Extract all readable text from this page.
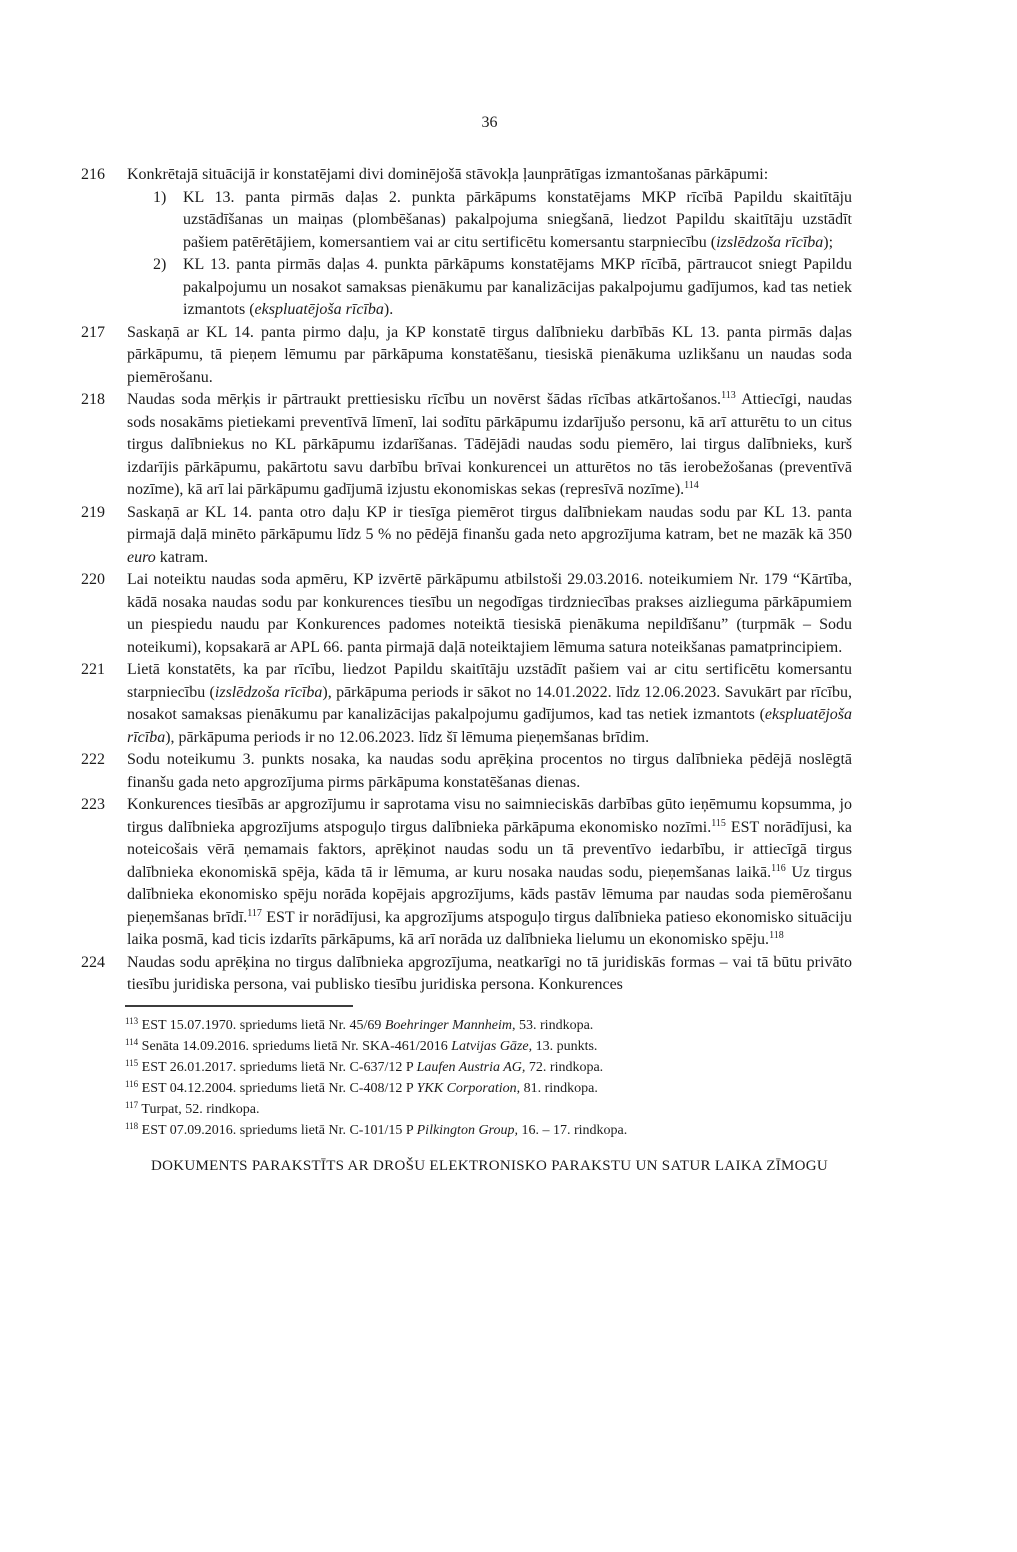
36
216	Konkrētajā situācijā ir konstatējami divi dominējošā stāvokļa ļaunprātīgas izmantošanas pārkāpumi:
1)	KL 13. panta pirmās daļas 2. punkta pārkāpums konstatējams MKP rīcībā Papildu skaitītāju uzstādīšanas un maiņas (plombēšanas) pakalpojuma sniegšanā, liedzot Papildu skaitītāju uzstādīt pašiem patērētājiem, komersantiem vai ar citu sertificētu komersantu starpniecību (izslēdzoša rīcība);
2)	KL 13. panta pirmās daļas 4. punkta pārkāpums konstatējams MKP rīcībā, pārtraucot sniegt Papildu pakalpojumu un nosakot samaksas pienākumu par kanalizācijas pakalpojumu gadījumos, kad tas netiek izmantots (ekspluatējoša rīcība).
217	Saskaņā ar KL 14. panta pirmo daļu, ja KP konstatē tirgus dalībnieku darbībās KL 13. panta pirmās daļas pārkāpumu, tā pieņem lēmumu par pārkāpuma konstatēšanu, tiesiskā pienākuma uzlikšanu un naudas soda piemērošanu.
218	Naudas soda mērķis ir pārtraukt prettiesisku rīcību un novērst šādas rīcības atkārtošanos.$^{113}$ Attiecīgi, naudas sods nosakāms pietiekami preventīvā līmenī, lai sodītu pārkāpumu izdarījušo personu, kā arī atturētu to un citus tirgus dalībniekus no KL pārkāpumu izdarīšanas. Tādējādi naudas sodu piemēro, lai tirgus dalībnieks, kurš izdarījis pārkāpumu, pakārtotu savu darbību brīvai konkurencei un atturētos no tās ierobežošanas (preventīvā nozīme), kā arī lai pārkāpumu gadījumā izjustu ekonomiskas sekas (represīvā nozīme).$^{114}$
219	Saskaņā ar KL 14. panta otro daļu KP ir tiesīga piemērot tirgus dalībniekam naudas sodu par KL 13. panta pirmajā daļā minēto pārkāpumu līdz 5 % no pēdējā finanšu gada neto apgrozījuma katram, bet ne mazāk kā 350 euro katram.
220	Lai noteiktu naudas soda apmēru, KP izvērtē pārkāpumu atbilstoši 29.03.2016. noteikumiem Nr. 179 “Kārtība, kādā nosaka naudas sodu par konkurences tiesību un negodīgas tirdzniecības prakses aizlieguma pārkāpumiem un piespiedu naudu par Konkurences padomes noteiktā tiesiskā pienākuma nepildīšanu” (turpmāk – Sodu noteikumi), kopsakarā ar APL 66. panta pirmajā daļā noteiktajiem lēmuma satura noteikšanas pamatprincipiem.
221	Lietā konstatēts, ka par rīcību, liedzot Papildu skaitītāju uzstādīt pašiem vai ar citu sertificētu komersantu starpniecību (izslēdzoša rīcība), pārkāpuma periods ir sākot no 14.01.2022. līdz 12.06.2023. Savukārt par rīcību, nosakot samaksas pienākumu par kanalizācijas pakalpojumu gadījumos, kad tas netiek izmantots (ekspluatējoša rīcība), pārkāpuma periods ir no 12.06.2023. līdz šī lēmuma pieņemšanas brīdim.
222	Sodu noteikumu 3. punkts nosaka, ka naudas sodu aprēķina procentos no tirgus dalībnieka pēdējā noslēgtā finanšu gada neto apgrozījuma pirms pārkāpuma konstatēšanas dienas.
223	Konkurences tiesībās ar apgrozījumu ir saprotama visu no saimnieciskās darbības gūto ieņēmumu kopsumma, jo tirgus dalībnieka apgrozījums atspoguļo tirgus dalībnieka pārkāpuma ekonomisko nozīmi.$^{115}$ EST norādījusi, ka noteicošais vērā ņemamais faktors, aprēķinot naudas sodu un tā preventīvo iedarbību, ir attiecīgā tirgus dalībnieka ekonomiskā spēja, kāda tā ir lēmuma, ar kuru nosaka naudas sodu, pieņemšanas laikā.$^{116}$ Uz tirgus dalībnieka ekonomisko spēju norāda kopējais apgrozījums, kāds pastāv lēmuma par naudas soda piemērošanu pieņemšanas brīdī.$^{117}$ EST ir norādījusi, ka apgrozījums atspoguļo tirgus dalībnieka patieso ekonomisko situāciju laika posmā, kad ticis izdarīts pārkāpums, kā arī norāda uz dalībnieka lielumu un ekonomisko spēju.$^{118}$
224	Naudas sodu aprēķina no tirgus dalībnieka apgrozījuma, neatkarīgi no tā juridiskās formas – vai tā būtu privāto tiesību juridiska persona, vai publisko tiesību juridiska persona. Konkurences
$^{113}$ EST 15.07.1970. spriedums lietā Nr. 45/69 Boehringer Mannheim, 53. rindkopa.
$^{114}$ Senāta 14.09.2016. spriedums lietā Nr. SKA-461/2016 Latvijas Gāze, 13. punkts.
$^{115}$ EST 26.01.2017. spriedums lietā Nr. C-637/12 P Laufen Austria AG, 72. rindkopa.
$^{116}$ EST 04.12.2004. spriedums lietā Nr. C-408/12 P YKK Corporation, 81. rindkopa.
$^{117}$ Turpat, 52. rindkopa.
$^{118}$ EST 07.09.2016. spriedums lietā Nr. C-101/15 P Pilkington Group, 16. – 17. rindkopa.
DOKUMENTS PARAKSTĪTS AR DROŠU ELEKTRONISKO PARAKSTU UN SATUR LAIKA ZĪMOGU
